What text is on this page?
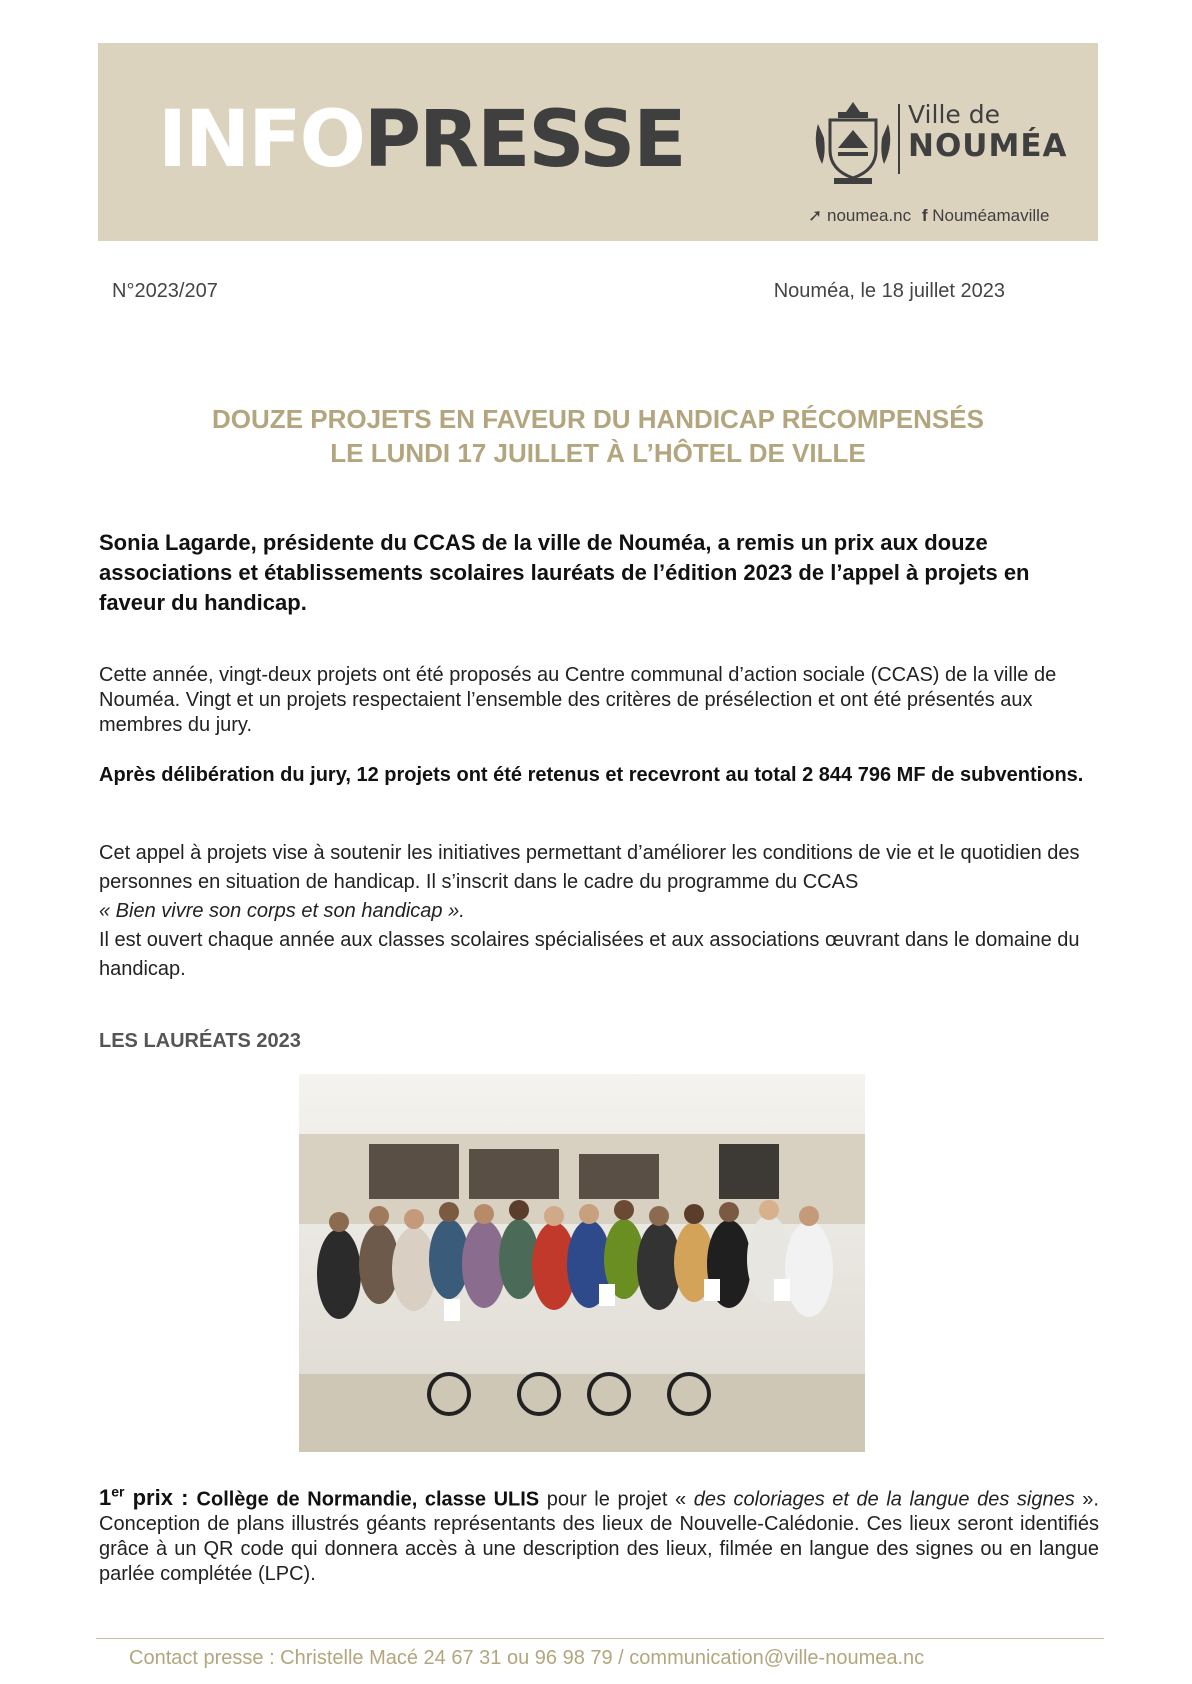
INFOPRESSE	Ville de
NOUMÉA
➚ noumea.nc f Nouméamaville
N°2023/207	Nouméa, le 18 juillet 2023
DOUZE PROJETS EN FAVEUR DU HANDICAP RÉCOMPENSÉS
LE LUNDI 17 JUILLET À L’HÔTEL DE VILLE
Sonia Lagarde, présidente du CCAS de la ville de Nouméa, a remis un prix aux douze associations et établissements scolaires lauréats de l’édition 2023 de l’appel à projets en faveur du handicap.
Cette année, vingt-deux projets ont été proposés au Centre communal d’action sociale (CCAS) de la ville de Nouméa. Vingt et un projets respectaient l’ensemble des critères de présélection et ont été présentés aux membres du jury.
Après délibération du jury, 12 projets ont été retenus et recevront au total 2 844 796 MF de subventions.
Cet appel à projets vise à soutenir les initiatives permettant d’améliorer les conditions de vie et le quotidien des personnes en situation de handicap. Il s’inscrit dans le cadre du programme du CCAS
« Bien vivre son corps et son handicap ».
Il est ouvert chaque année aux classes scolaires spécialisées et aux associations œuvrant dans le domaine du handicap.
LES LAURÉATS 2023
1er prix : Collège de Normandie, classe ULIS pour le projet « des coloriages et de la langue des signes ». Conception de plans illustrés géants représentants des lieux de Nouvelle-Calédonie. Ces lieux seront identifiés grâce à un QR code qui donnera accès à une description des lieux, filmée en langue des signes ou en langue parlée complétée (LPC).
Contact presse : Christelle Macé 24 67 31 ou 96 98 79 / communication@ville-noumea.nc
